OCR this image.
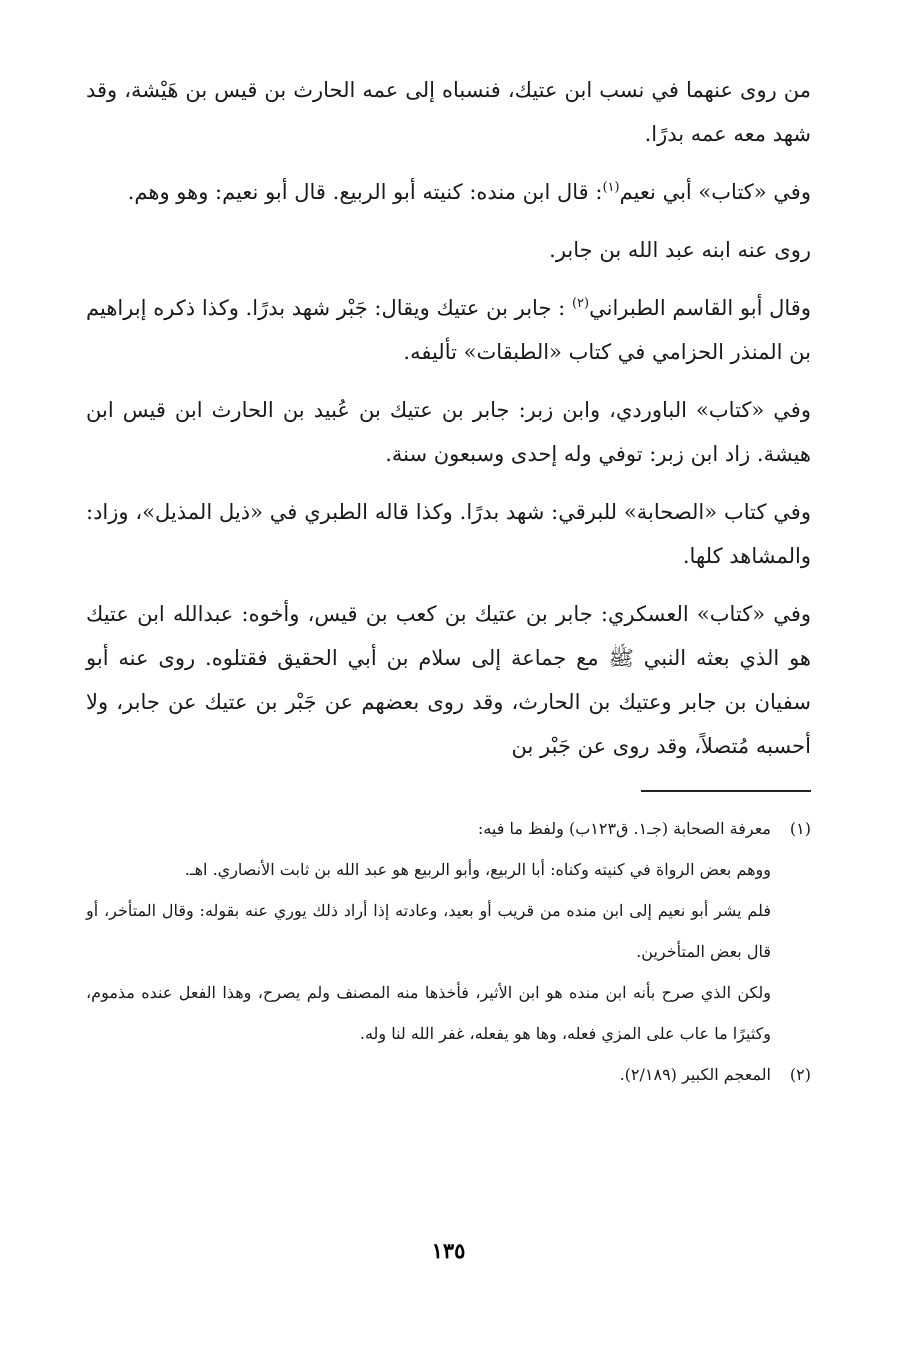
من روى عنهما في نسب ابن عتيك، فنسباه إلى عمه الحارث بن قيس بن هَيْشة، وقد شهد معه عمه بدرًا.

وفي «كتاب» أبي نعيم$^{(١)}$: قال ابن منده: كنيته أبو الربيع. قال أبو نعيم: وهو وهم.

روى عنه ابنه عبد الله بن جابر.

وقال أبو القاسم الطبراني$^{(٢)}$ : جابر بن عتيك ويقال: جَبْر شهد بدرًا. وكذا ذكره إبراهيم بن المنذر الحزامي في كتاب «الطبقات» تأليفه.

وفي «كتاب» الباوردي، وابن زبر: جابر بن عتيك بن عُبيد بن الحارث ابن قيس ابن هيشة. زاد ابن زبر: توفي وله إحدى وسبعون سنة.

وفي كتاب «الصحابة» للبرقي: شهد بدرًا. وكذا قاله الطبري في «ذيل المذيل»، وزاد: والمشاهد كلها.

وفي «كتاب» العسكري: جابر بن عتيك بن كعب بن قيس، وأخوه: عبدالله ابن عتيك هو الذي بعثه النبي ﷺ مع جماعة إلى سلام بن أبي الحقيق فقتلوه. روى عنه أبو سفيان بن جابر وعتيك بن الحارث، وقد روى بعضهم عن جَبْر بن عتيك عن جابر، ولا أحسبه مُتصلاً، وقد روى عن جَبْر بن

(١)معرفة الصحابة (جـ١. ق١٢٣ب) ولفظ ما فيه:

ووهم بعض الرواة في كنيته وكناه: أبا الربيع، وأبو الربيع هو عبد الله بن ثابت الأنصاري. اهـ.

فلم يشر أبو نعيم إلى ابن منده من قريب أو بعيد، وعادته إذا أراد ذلك يوري عنه بقوله: وقال المتأخر، أو قال بعض المتأخرين.

ولكن الذي صرح بأنه ابن منده هو ابن الأثير، فأخذها منه المصنف ولم يصرح، وهذا الفعل عنده مذموم، وكثيرًا ما عاب على المزي فعله، وها هو يفعله، غفر الله لنا وله.

(٢)المعجم الكبير (٢/١٨٩).

١٣٥
